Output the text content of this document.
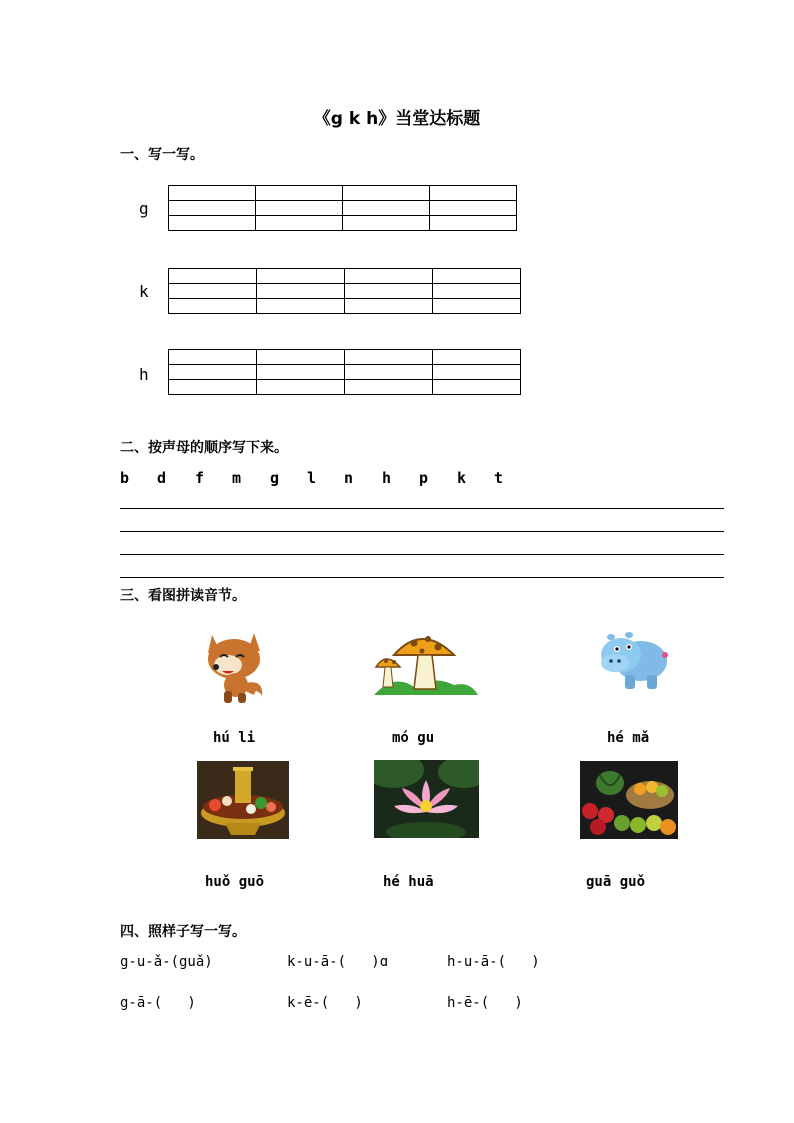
《g k h》当堂达标题
一、写一写。
g

k

h

二、按声母的顺序写下来。
b d f m g l n h p k t
三、看图拼读音节。
hú li	mó gu	hé mǎ
huǒ guō	hé huā	guā guǒ
四、照样子写一写。
g-u-ǎ-(guǎ)	k-u-ā-(   )ɑ	h-u-ā-(   )
g-ā-(   )	k-ē-(   )	h-ē-(   )
